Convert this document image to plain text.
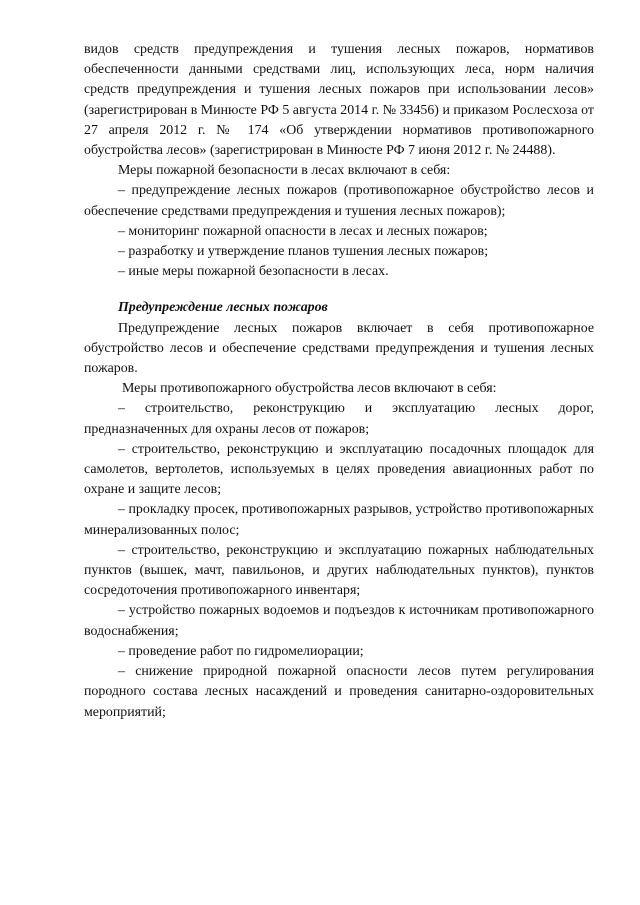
видов средств предупреждения и тушения лесных пожаров, нормативов обеспеченности данными средствами лиц, использующих леса, норм наличия средств предупреждения и тушения лесных пожаров при использовании лесов» (зарегистрирован в Минюсте РФ 5 августа 2014 г. № 33456) и приказом Рослесхоза от 27 апреля 2012 г. № 174 «Об утверждении нормативов противопожарного обустройства лесов» (зарегистрирован в Минюсте РФ 7 июня 2012 г. № 24488).

Меры пожарной безопасности в лесах включают в себя:

– предупреждение лесных пожаров (противопожарное обустройство лесов и обеспечение средствами предупреждения и тушения лесных пожаров);

– мониторинг пожарной опасности в лесах и лесных пожаров;

– разработку и утверждение планов тушения лесных пожаров;

– иные меры пожарной безопасности в лесах.

Предупреждение лесных пожаров

Предупреждение лесных пожаров включает в себя противопожарное обустройство лесов и обеспечение средствами предупреждения и тушения лесных пожаров.

Меры противопожарного обустройства лесов включают в себя:

– строительство, реконструкцию и эксплуатацию лесных дорог, предназначенных для охраны лесов от пожаров;

– строительство, реконструкцию и эксплуатацию посадочных площадок для самолетов, вертолетов, используемых в целях проведения авиационных работ по охране и защите лесов;

– прокладку просек, противопожарных разрывов, устройство противопожарных минерализованных полос;

– строительство, реконструкцию и эксплуатацию пожарных наблюдательных пунктов (вышек, мачт, павильонов, и других наблюдательных пунктов), пунктов сосредоточения противопожарного инвентаря;

– устройство пожарных водоемов и подъездов к источникам противопожарного водоснабжения;

– проведение работ по гидромелиорации;

– снижение природной пожарной опасности лесов путем регулирования породного состава лесных насаждений и проведения санитарно-оздоровительных мероприятий;
